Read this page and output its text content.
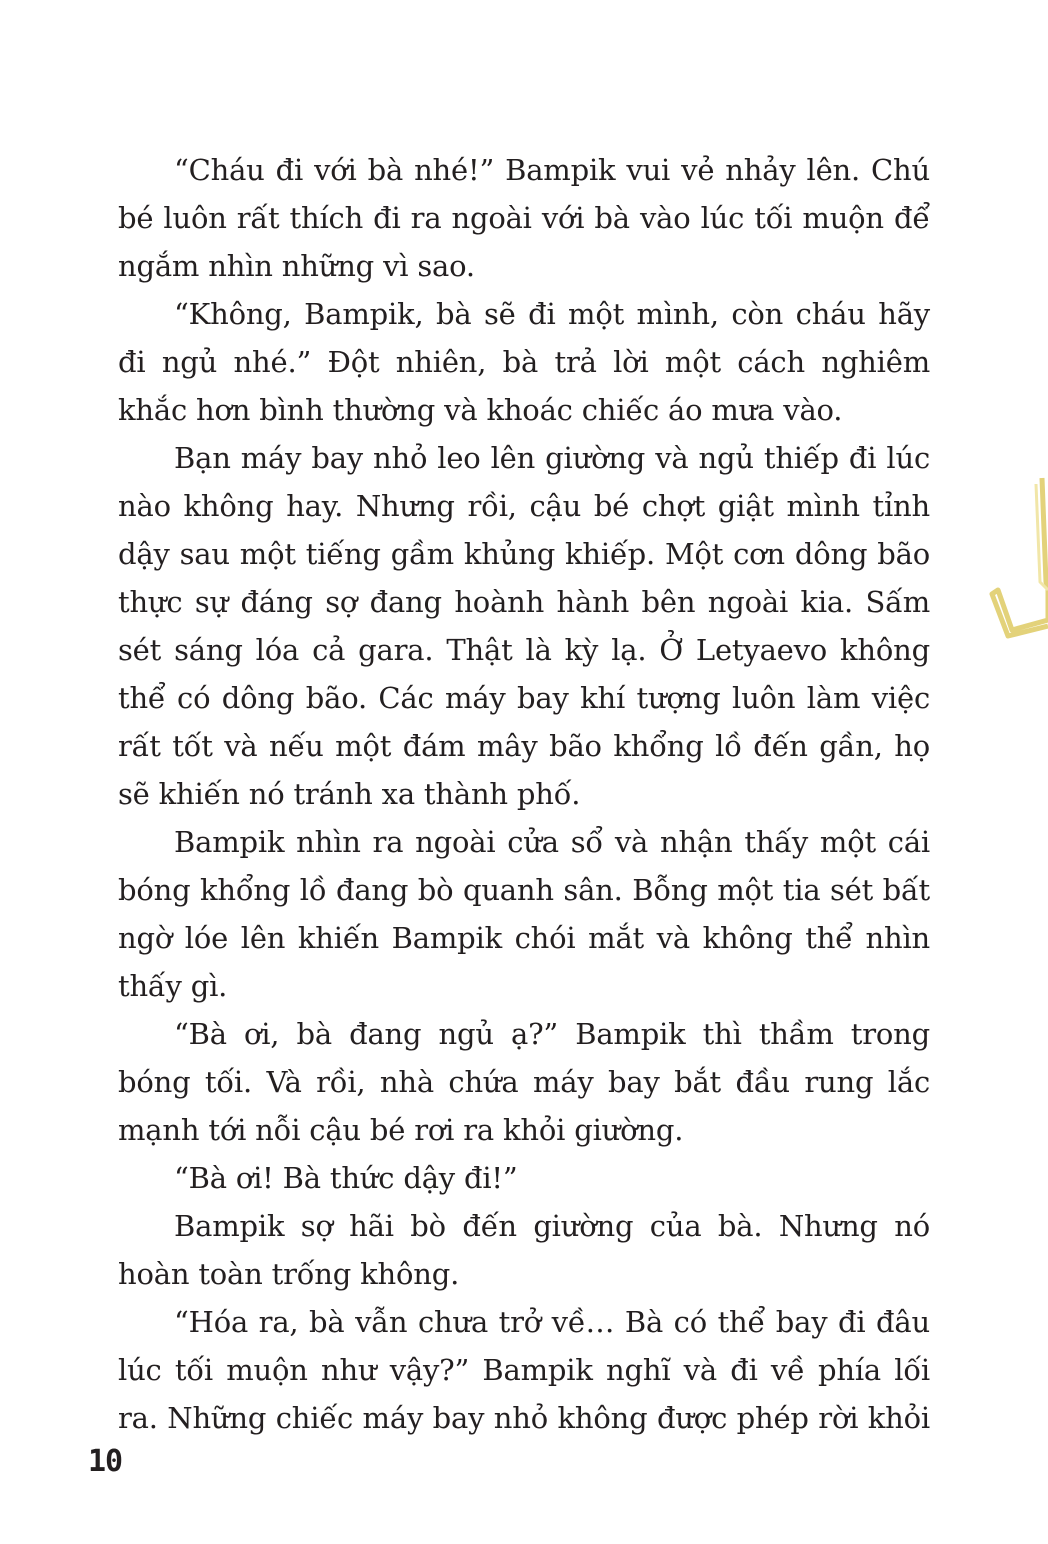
“Cháu đi với bà nhé!” Bampik vui vẻ nhảy lên. Chú bé luôn rất thích đi ra ngoài với bà vào lúc tối muộn để ngắm nhìn những vì sao.

“Không, Bampik, bà sẽ đi một mình, còn cháu hãy đi ngủ nhé.” Đột nhiên, bà trả lời một cách nghiêm khắc hơn bình thường và khoác chiếc áo mưa vào.

Bạn máy bay nhỏ leo lên giường và ngủ thiếp đi lúc nào không hay. Nhưng rồi, cậu bé chợt giật mình tỉnh dậy sau một tiếng gầm khủng khiếp. Một cơn dông bão thực sự đáng sợ đang hoành hành bên ngoài kia. Sấm sét sáng lóa cả gara. Thật là kỳ lạ. Ở Letyaevo không thể có dông bão. Các máy bay khí tượng luôn làm việc rất tốt và nếu một đám mây bão khổng lồ đến gần, họ sẽ khiến nó tránh xa thành phố.

Bampik nhìn ra ngoài cửa sổ và nhận thấy một cái bóng khổng lồ đang bò quanh sân. Bỗng một tia sét bất ngờ lóe lên khiến Bampik chói mắt và không thể nhìn thấy gì.

“Bà ơi, bà đang ngủ ạ?” Bampik thì thầm trong bóng tối. Và rồi, nhà chứa máy bay bắt đầu rung lắc mạnh tới nỗi cậu bé rơi ra khỏi giường.

“Bà ơi! Bà thức dậy đi!”

Bampik sợ hãi bò đến giường của bà. Nhưng nó hoàn toàn trống không.

“Hóa ra, bà vẫn chưa trở về… Bà có thể bay đi đâu lúc tối muộn như vậy?” Bampik nghĩ và đi về phía lối ra. Những chiếc máy bay nhỏ không được phép rời khỏi

10
